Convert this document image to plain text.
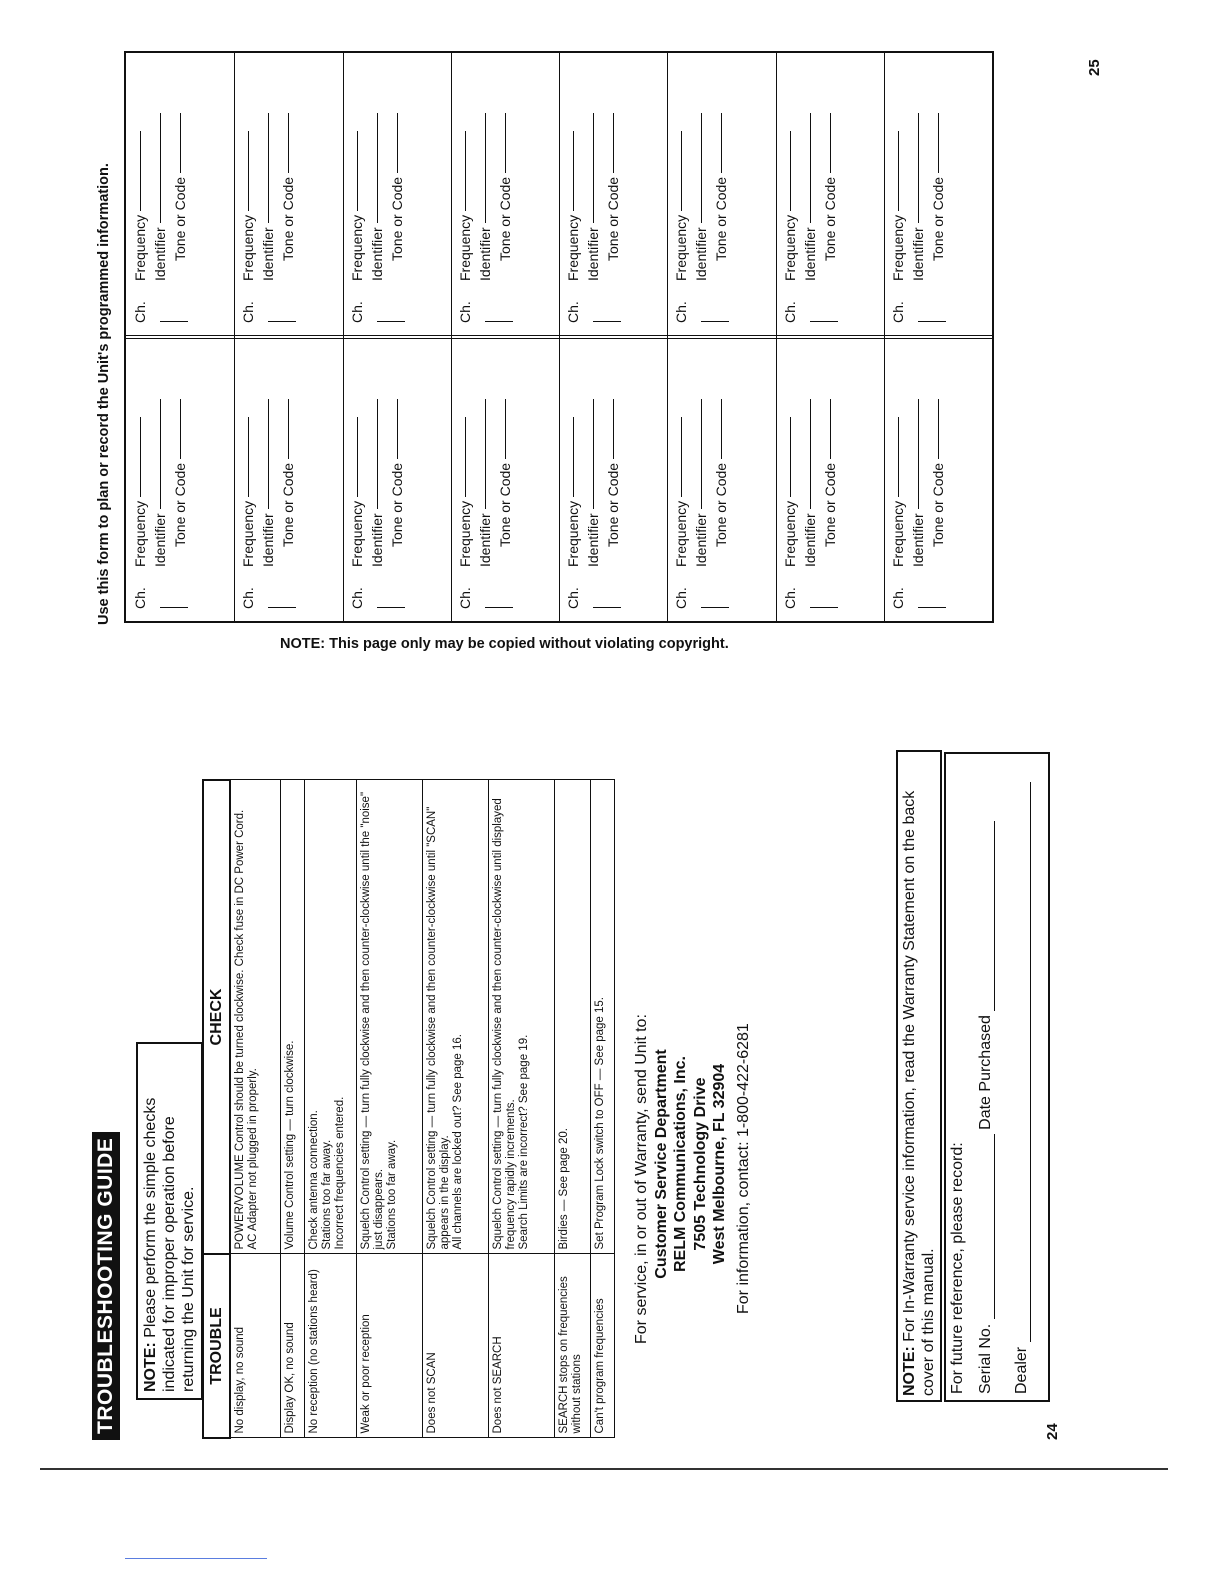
TROUBLESHOOTING GUIDE	NOTE: Please perform the simple checks indicated for improper operation before returning the Unit for service. TROUBLE	CHECK
No display, no sound	POWER/VOLUME Control should be turned clockwise. Check fuse in DC Power Cord. AC Adapter not plugged in properly.

Display OK, no sound	Volume Control setting — turn clockwise.

No reception (no stations heard)	Check antenna connection. Stations too far away. Incorrect frequencies entered.

Weak or poor reception	Squelch Control setting — turn fully clockwise and then counter-clockwise until the "noise" just disappears. Stations too far away.

Does not SCAN	Squelch Control setting — turn fully clockwise and then counter-clockwise until "SCAN" appears in the display. All channels are locked out? See page 16.

Does not SEARCH	Squelch Control setting — turn fully clockwise and then counter-clockwise until displayed frequency rapidly increments. Search Limits are incorrect? See page 19.

SEARCH stops on frequencies without stations	Birdies — See page 20.

Can't program frequencies	Set Program Lock switch to OFF — See page 15. For service, in or out of Warranty, send Unit to: Customer Service Department RELM Communications, Inc. 7505 Technology Drive West Melbourne, FL 32904 For information, contact: 1-800-422-6281
NOTE: For In-Warranty service information, read the Warranty Statement on the back cover of this manual. For future reference, please record: Serial No.  Date Purchased
Dealer
24
Use this form to plan or record the Unit's programmed information. Ch.
Frequency Identifier Tone or Code
Ch.
Frequency Identifier Tone or Code
Ch.
Frequency Identifier Tone or Code
Ch.
Frequency Identifier Tone or Code
Ch.
Frequency Identifier Tone or Code
Ch.
Frequency Identifier Tone or Code
Ch.
Frequency Identifier Tone or Code
Ch.
Frequency Identifier Tone or Code
Ch.
Frequency Identifier Tone or Code
Ch.
Frequency Identifier Tone or Code
Ch.
Frequency Identifier Tone or Code
Ch.
Frequency Identifier Tone or Code
Ch.
Frequency Identifier Tone or Code
Ch.
Frequency Identifier Tone or Code
Ch.
Frequency Identifier Tone or Code
Ch.
Frequency Identifier Tone or Code
NOTE: This page only may be copied without violating copyright.
25
